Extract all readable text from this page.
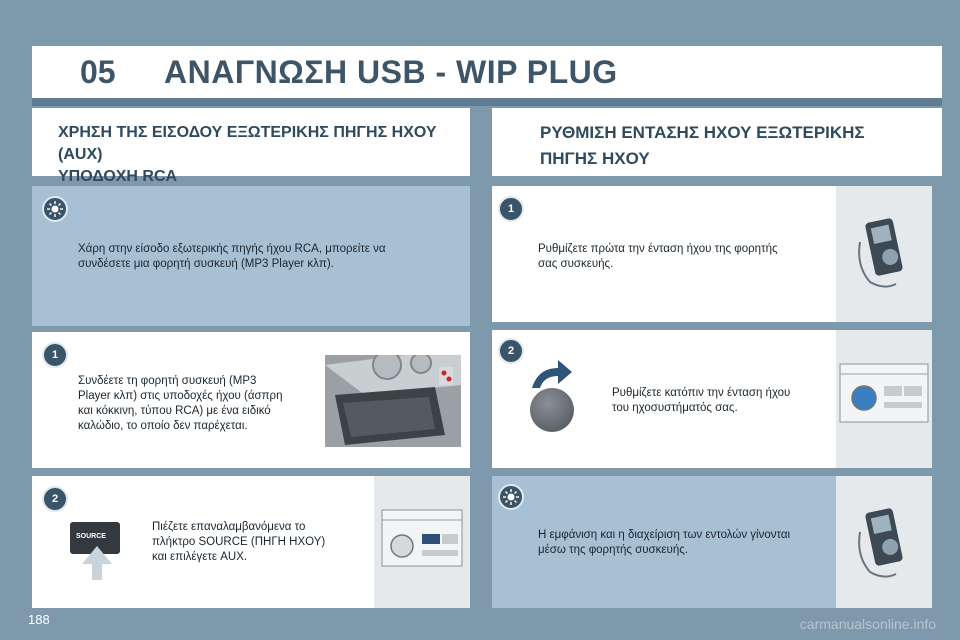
05 ΑΝΑΓΝΩΣΗ USB - WIP PLUG
ΧΡΗΣΗ ΤΗΣ ΕΙΣΟΔΟΥ ΕΞΩΤΕΡΙΚΗΣ ΠΗΓΗΣ ΗΧΟΥ (AUX)
ΥΠΟΔΟΧΗ RCA
ΡΥΘΜΙΣΗ ΕΝΤΑΣΗΣ ΗΧΟΥ ΕΞΩΤΕΡΙΚΗΣ
ΠΗΓΗΣ ΗΧΟΥ
Χάρη στην είσοδο εξωτερικής πηγής ήχου RCA, μπορείτε να
συνδέσετε μια φορητή συσκευή (MP3 Player κλπ).
1
Συνδέετε τη φορητή συσκευή (MP3
Player κλπ) στις υποδοχές ήχου (άσπρη
και κόκκινη, τύπου RCA) με ένα ειδικό
καλώδιο, το οποίο δεν παρέχεται.
2
SOURCE
Πιέζετε επαναλαμβανόμενα το
πλήκτρο SOURCE (ΠΗΓΗ ΗΧΟΥ)
και επιλέγετε AUX.
1
Ρυθμίζετε πρώτα την ένταση ήχου της φορητής
σας συσκευής.
2
Ρυθμίζετε κατόπιν την ένταση ήχου
του ηχοσυστήματός σας.
Η εμφάνιση και η διαχείριση των εντολών γίνονται
μέσω της φορητής συσκευής.
188	carmanualsonline.info
